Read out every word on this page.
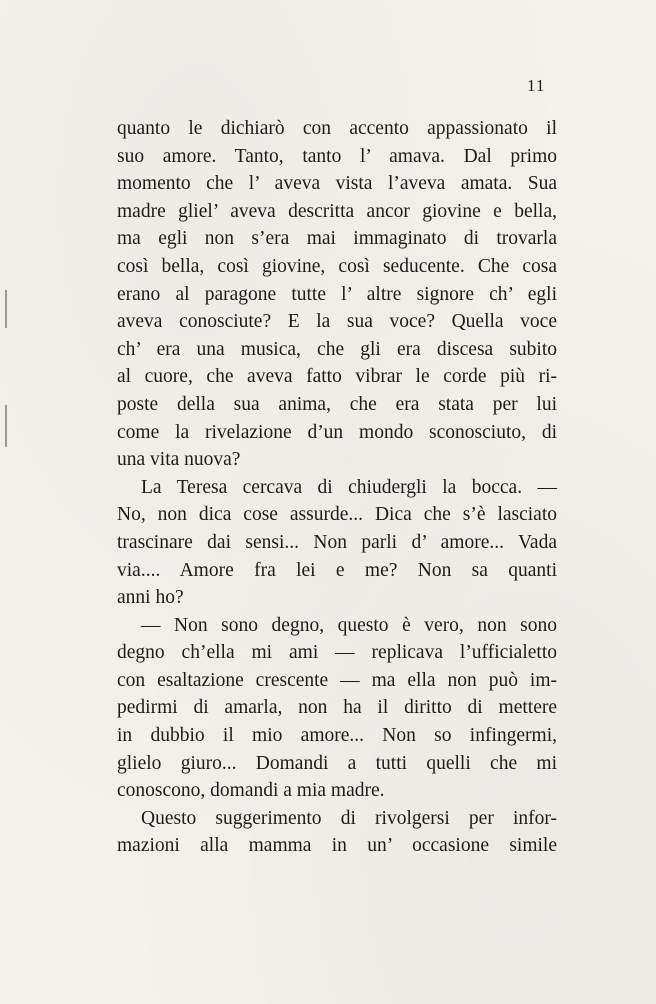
11
quanto le dichiarò con accento appassionato il
suo amore. Tanto, tanto l’ amava. Dal primo
momento che l’ aveva vista l’aveva amata. Sua
madre gliel’ aveva descritta ancor giovine e bella,
ma egli non s’era mai immaginato di trovarla
così bella, così giovine, così seducente. Che cosa
erano al paragone tutte l’ altre signore ch’ egli
aveva conosciute? E la sua voce? Quella voce
ch’ era una musica, che gli era discesa subito
al cuore, che aveva fatto vibrar le corde più ri-
poste della sua anima, che era stata per lui
come la rivelazione d’un mondo sconosciuto, di
una vita nuova?
La Teresa cercava di chiudergli la bocca. —
No, non dica cose assurde... Dica che s’è lasciato
trascinare dai sensi... Non parli d’ amore... Vada
via.... Amore fra lei e me? Non sa quanti
anni ho?
— Non sono degno, questo è vero, non sono
degno ch’ella mi ami — replicava l’ufficialetto
con esaltazione crescente — ma ella non può im-
pedirmi di amarla, non ha il diritto di mettere
in dubbio il mio amore... Non so infingermi,
glielo giuro... Domandi a tutti quelli che mi
conoscono, domandi a mia madre.
Questo suggerimento di rivolgersi per infor-
mazioni alla mamma in un’ occasione simile
